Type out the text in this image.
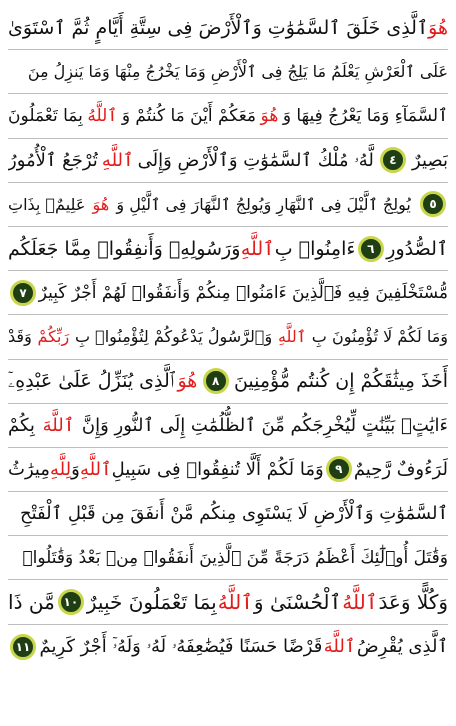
هُوَ
ٱلَّذِى خَلَقَ ٱلسَّمَٰوَٰتِ وَٱلْأَرْضَ فِى سِتَّةِ أَيَّامٍ ثُمَّ ٱسْتَوَىٰ
عَلَى ٱلْعَرْشِ يَعْلَمُ مَا يَلِجُ فِى ٱلْأَرْضِ وَمَا يَخْرُجُ مِنْهَا وَمَا يَنزِلُ مِنَ
ٱلسَّمَآءِ وَمَا يَعْرُجُ فِيهَا وَ
هُوَ
مَعَكُمْ أَيْنَ مَا كُنتُمْ وَ
ٱللَّهُ
بِمَا تَعْمَلُونَ
بَصِيرٌ
٤
لَّهُۥ مُلْكُ ٱلسَّمَٰوَٰتِ وَٱلْأَرْضِ وَإِلَى
ٱللَّهِ
تُرْجَعُ ٱلْأُمُورُ
٥
يُولِجُ ٱلَّيْلَ فِى ٱلنَّهَارِ وَيُولِجُ ٱلنَّهَارَ فِى ٱلَّيْلِ وَ
هُوَ
عَلِيمٌۢ بِذَاتِ
ٱلصُّدُورِ
٦
ءَامِنُوا۟ بِ
ٱللَّهِ
وَرَسُولِهِۦ وَأَنفِقُوا۟ مِمَّا جَعَلَكُم
مُّسْتَخْلَفِينَ فِيهِ فَٱلَّذِينَ ءَامَنُوا۟ مِنكُمْ وَأَنفَقُوا۟ لَهُمْ أَجْرٌ كَبِيرٌ
٧
وَمَا لَكُمْ لَا تُؤْمِنُونَ بِ
ٱللَّهِ
وَٱلرَّسُولُ يَدْعُوكُمْ لِتُؤْمِنُوا۟ بِ
رَبِّكُمْ
وَقَدْ
أَخَذَ مِيثَٰقَكُمْ إِن كُنتُم مُّؤْمِنِينَ
٨
هُوَ
ٱلَّذِى يُنَزِّلُ عَلَىٰ عَبْدِهِۦٓ
ءَايَٰتٍۭ بَيِّنَٰتٍ لِّيُخْرِجَكُم مِّنَ ٱلظُّلُمَٰتِ إِلَى ٱلنُّورِ وَإِنَّ
ٱللَّهَ
بِكُمْ
لَرَءُوفٌ رَّحِيمٌ
٩
وَمَا لَكُمْ أَلَّا تُنفِقُوا۟ فِى سَبِيلِ
ٱللَّهِ
وَ
لِلَّهِ
مِيرَٰثُ
ٱلسَّمَٰوَٰتِ وَٱلْأَرْضِ لَا يَسْتَوِى مِنكُم مَّنْ أَنفَقَ مِن قَبْلِ ٱلْفَتْحِ
وَقَٰتَلَ أُو۟لَٰٓئِكَ أَعْظَمُ دَرَجَةً مِّنَ ٱلَّذِينَ أَنفَقُوا۟ مِنۢ بَعْدُ وَقَٰتَلُوا۟
وَكُلًّا وَعَدَ
ٱللَّهُ
ٱلْحُسْنَىٰ وَ
ٱللَّهُ
بِمَا تَعْمَلُونَ خَبِيرٌ
١٠
مَّن ذَا
ٱلَّذِى يُقْرِضُ
ٱللَّهَ
قَرْضًا حَسَنًا فَيُضَٰعِفَهُۥ لَهُۥ وَلَهُۥٓ أَجْرٌ كَرِيمٌ
١١
